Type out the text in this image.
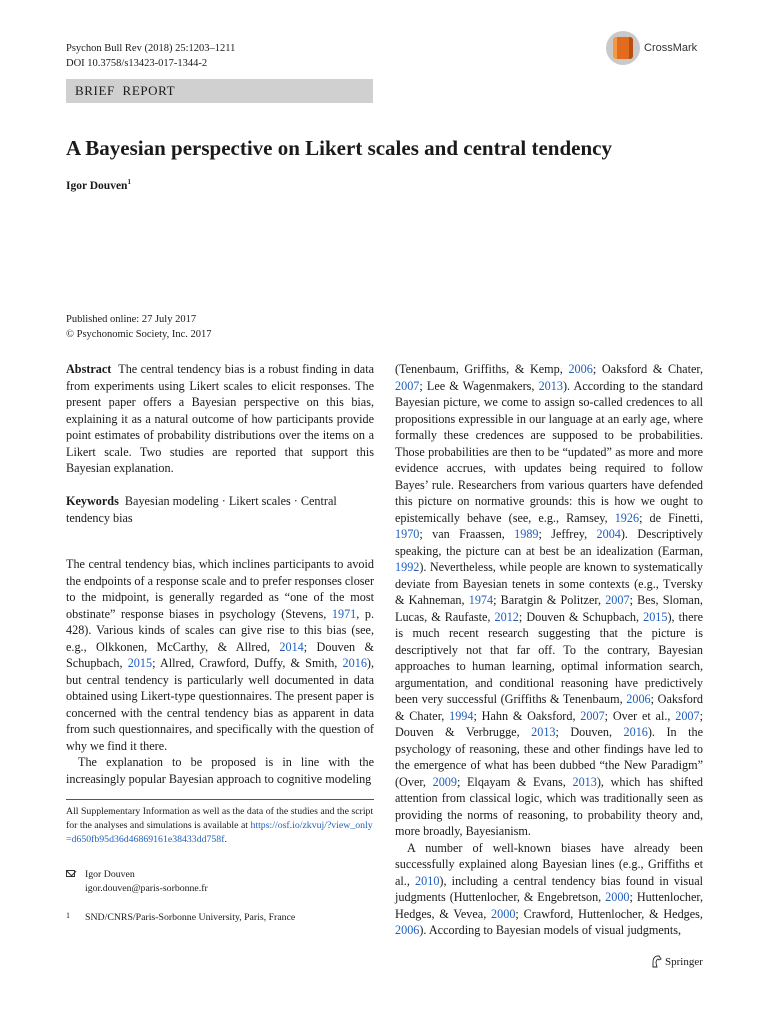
Psychon Bull Rev (2018) 25:1203–1211
DOI 10.3758/s13423-017-1344-2
CrossMark
BRIEF  REPORT
A Bayesian perspective on Likert scales and central tendency
Igor Douven$^1$
Published online: 27 July 2017
© Psychonomic Society, Inc. 2017

Abstract The central tendency bias is a robust finding in data from experiments using Likert scales to elicit responses. The present paper offers a Bayesian perspective on this bias, explaining it as a natural outcome of how participants provide point estimates of probability distributions over the items on a Likert scale. Two studies are reported that support this Bayesian explanation.

Keywords Bayesian modeling · Likert scales · Central tendency bias

The central tendency bias, which inclines participants to avoid the endpoints of a response scale and to prefer responses closer to the midpoint, is generally regarded as “one of the most obstinate” response biases in psychology (Stevens, 1971, p. 428). Various kinds of scales can give rise to this bias (see, e.g., Olkkonen, McCarthy, & Allred, 2014; Douven & Schupbach, 2015; Allred, Crawford, Duffy, & Smith, 2016), but central tendency is particularly well documented in data obtained using Likert-type questionnaires. The present paper is concerned with the central tendency bias as apparent in data from such questionnaires, and specifically with the question of why we find it there.

The explanation to be proposed is in line with the increasingly popular Bayesian approach to cognitive modeling

All Supplementary Information as well as the data of the studies and the script for the analyses and simulations is available at https://osf.io/zkvuj/?view_only=d650fb95d36d46869161e38433dd758f.
Igor Douven
igor.douven@paris-sorbonne.fr
1 SND/CNRS/Paris-Sorbonne University, Paris, France

(Tenenbaum, Griffiths, & Kemp, 2006; Oaksford & Chater, 2007; Lee & Wagenmakers, 2013). According to the standard Bayesian picture, we come to assign so-called credences to all propositions expressible in our language at an early age, where formally these credences are supposed to be probabilities. Those probabilities are then to be “updated” as more and more evidence accrues, with updates being required to follow Bayes’ rule. Researchers from various quarters have defended this picture on normative grounds: this is how we ought to epistemically behave (see, e.g., Ramsey, 1926; de Finetti, 1970; van Fraassen, 1989; Jeffrey, 2004). Descriptively speaking, the picture can at best be an idealization (Earman, 1992). Nevertheless, while people are known to systematically deviate from Bayesian tenets in some contexts (e.g., Tversky & Kahneman, 1974; Baratgin & Politzer, 2007; Bes, Sloman, Lucas, & Raufaste, 2012; Douven & Schupbach, 2015), there is much recent research suggesting that the picture is descriptively not that far off. To the contrary, Bayesian approaches to human learning, optimal information search, argumentation, and conditional reasoning have predictively been very successful (Griffiths & Tenenbaum, 2006; Oaksford & Chater, 1994; Hahn & Oaksford, 2007; Over et al., 2007; Douven & Verbrugge, 2013; Douven, 2016). In the psychology of reasoning, these and other findings have led to the emergence of what has been dubbed “the New Paradigm” (Over, 2009; Elqayam & Evans, 2013), which has shifted attention from classical logic, which was traditionally seen as providing the norms of reasoning, to probability theory and, more broadly, Bayesianism.

A number of well-known biases have already been successfully explained along Bayesian lines (e.g., Griffiths et al., 2010), including a central tendency bias found in visual judgments (Huttenlocher, & Engebretson, 2000; Huttenlocher, Hedges, & Vevea, 2000; Crawford, Huttenlocher, & Hedges, 2006). According to Bayesian models of visual judgments,

Springer
